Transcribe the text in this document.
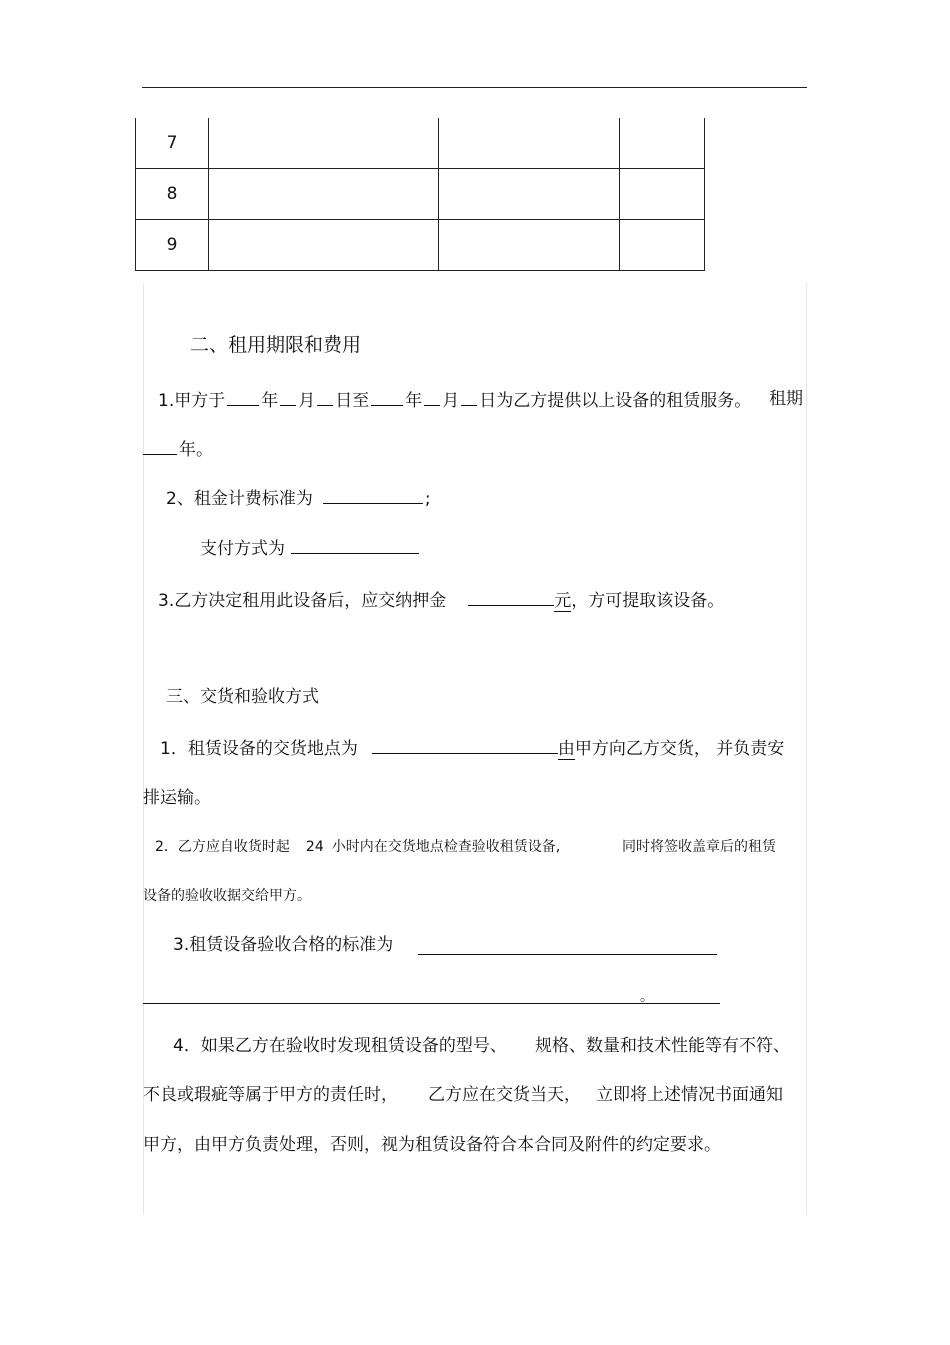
7			
8			
9			
二、租用期限和费用
1.甲方于 年 月 日至 年 月 日为乙方提供以上设备的租赁服务。 租期
年。
2、租金计费标准为	;
支付方式为
3.乙方决定租用此设备后，应交纳押金	元，方可提取该设备。
三、交货和验收方式
1．租赁设备的交货地点为	由甲方向乙方交货， 并负责安
排运输。
2．乙方应自收货时起 24 小时内在交货地点检查验收租赁设备,	同时将签收盖章后的租赁
设备的验收收据交给甲方。
3.租赁设备验收合格的标准为
。
4．如果乙方在验收时发现租赁设备的型号、 规格、数量和技术性能等有不符、
不良或瑕疵等属于甲方的责任时， 乙方应在交货当天， 立即将上述情况书面通知
甲方，由甲方负责处理，否则，视为租赁设备符合本合同及附件的约定要求。
